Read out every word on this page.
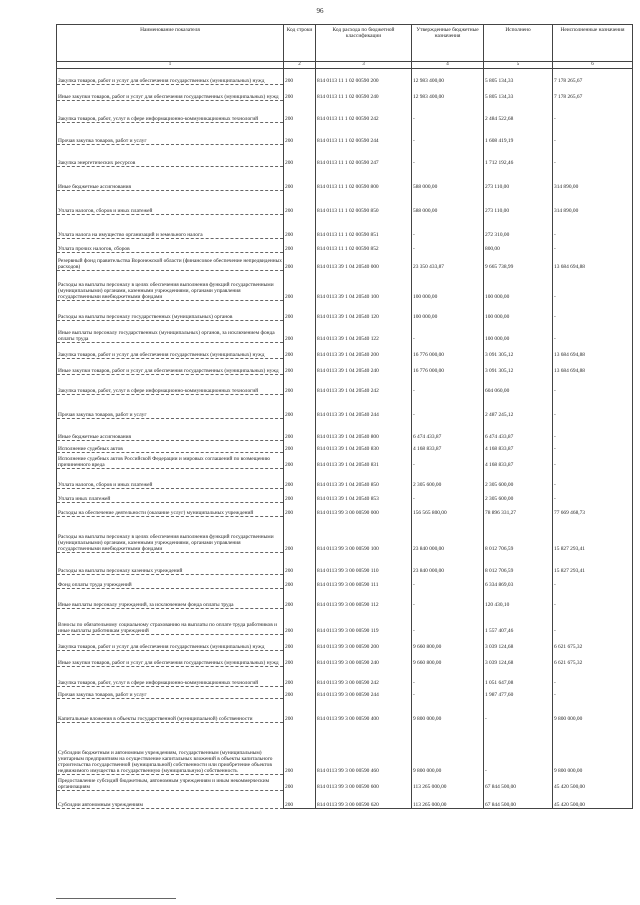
96
Наименование показателя	Код строки	Код расхода по бюджетной классификации	Утвержденные бюджетные назначения	Исполнено	Неисполненные назначения
1	2	3	4	5	6
Закупка товаров, работ и услуг для обеспечения государственных (муниципальных) нужд	200	814 0113 11 1 02 00590 200	12 983 400,00	5 805 134,33	7 178 265,67
Иные закупки товаров, работ и услуг для обеспечения государственных (муниципальных) нужд	200	814 0113 11 1 02 00590 240	12 983 400,00	5 805 134,33	7 178 265,67
Закупка товаров, работ, услуг в сфере информационно-коммуникационных технологий	200	814 0113 11 1 02 00590 242	-	2 484 522,68	-
Прочая закупка товаров, работ и услуг	200	814 0113 11 1 02 00590 244	-	1 608 419,19	-
Закупка энергетических ресурсов	200	814 0113 11 1 02 00590 247	-	1 712 192,46	-
Иные бюджетные ассигнования	200	814 0113 11 1 02 00590 800	588 000,00	273 110,00	314 890,00
Уплата налогов, сборов и иных платежей	200	814 0113 11 1 02 00590 850	588 000,00	273 110,00	314 890,00
Уплата налога на имущество организаций и земельного налога	200	814 0113 11 1 02 00590 851	-	272 310,00	-
Уплата прочих налогов, сборов	200	814 0113 11 1 02 00590 852	-	800,00	-
Резервный фонд правительства Воронежской области (финансовое обеспечение непредвиденных расходов)	200	814 0113 39 1 04 20540 000	23 350 433,87	9 665 738,99	13 684 694,88
Расходы на выплаты персоналу в целях обеспечения выполнения функций государственными (муниципальными) органами, казенными учреждениями, органами управления государственными внебюджетными фондами	200	814 0113 39 1 04 20540 100	100 000,00	100 000,00	-
Расходы на выплаты персоналу государственных (муниципальных) органов	200	814 0113 39 1 04 20540 120	100 000,00	100 000,00	-
Иные выплаты персоналу государственных (муниципальных) органов, за исключением фонда оплаты труда	200	814 0113 39 1 04 20540 122	-	100 000,00	-
Закупка товаров, работ и услуг для обеспечения государственных (муниципальных) нужд	200	814 0113 39 1 04 20540 200	16 776 000,00	3 091 305,12	13 684 694,88
Иные закупки товаров, работ и услуг для обеспечения государственных (муниципальных) нужд	200	814 0113 39 1 04 20540 240	16 776 000,00	3 091 305,12	13 684 694,88
Закупка товаров, работ, услуг в сфере информационно-коммуникационных технологий	200	814 0113 39 1 04 20540 242	-	604 060,00	-
Прочая закупка товаров, работ и услуг	200	814 0113 39 1 04 20540 244	-	2 487 245,12	-
Иные бюджетные ассигнования	200	814 0113 39 1 04 20540 800	6 474 433,87	6 474 433,87	-
Исполнение судебных актов	200	814 0113 39 1 04 20540 830	4 168 833,87	4 168 833,87	-
Исполнение судебных актов Российской Федерации и мировых соглашений по возмещению причиненного вреда	200	814 0113 39 1 04 20540 831	-	4 168 833,87	-
Уплата налогов, сборов и иных платежей	200	814 0113 39 1 04 20540 850	2 305 600,00	2 305 600,00	-
Уплата иных платежей	200	814 0113 39 1 04 20540 853	-	2 305 600,00	-
Расходы на обеспечение деятельности (оказание услуг) муниципальных учреждений	200	814 0113 99 3 00 00590 000	156 565 800,00	78 896 331,27	77 669 468,73
Расходы на выплаты персоналу в целях обеспечения выполнения функций государственными (муниципальными) органами, казенными учреждениями, органами управления государственными внебюджетными фондами	200	814 0113 99 3 00 00590 100	23 840 000,00	8 012 706,59	15 827 293,41
Расходы на выплаты персоналу казенных учреждений	200	814 0113 99 3 00 00590 110	23 840 000,00	8 012 706,59	15 827 293,41
Фонд оплаты труда учреждений	200	814 0113 99 3 00 00590 111	-	6 334 869,03	-
Иные выплаты персоналу учреждений, за исключением фонда оплаты труда	200	814 0113 99 3 00 00590 112	-	120 430,10	-
Взносы по обязательному социальному страхованию на выплаты по оплате труда работников и иные выплаты работникам учреждений	200	814 0113 99 3 00 00590 119	-	1 557 407,46	-
Закупка товаров, работ и услуг для обеспечения государственных (муниципальных) нужд	200	814 0113 99 3 00 00590 200	9 660 800,00	3 039 124,68	6 621 675,32
Иные закупки товаров, работ и услуг для обеспечения государственных (муниципальных) нужд	200	814 0113 99 3 00 00590 240	9 660 800,00	3 039 124,68	6 621 675,32
Закупка товаров, работ, услуг в сфере информационно-коммуникационных технологий	200	814 0113 99 3 00 00590 242	-	1 051 647,08	-
Прочая закупка товаров, работ и услуг	200	814 0113 99 3 00 00590 244	-	1 987 477,60	-
Капитальные вложения в объекты государственной (муниципальной) собственности	200	814 0113 99 3 00 00590 400	9 800 000,00	-	9 800 000,00
Субсидии бюджетным и автономным учреждениям, государственным (муниципальным) унитарным предприятиям на осуществление капитальных вложений в объекты капитального строительства государственной (муниципальной) собственности или приобретение объектов недвижимого имущества в государственную (муниципальную) собственность	200	814 0113 99 3 00 00590 460	9 800 000,00	-	9 800 000,00
Предоставление субсидий бюджетным, автономным учреждениям и иным некоммерческим организациям	200	814 0113 99 3 00 00590 600	113 265 000,00	67 844 500,00	45 420 500,00
Субсидии автономным учреждениям	200	814 0113 99 3 00 00590 620	113 265 000,00	67 844 500,00	45 420 500,00
